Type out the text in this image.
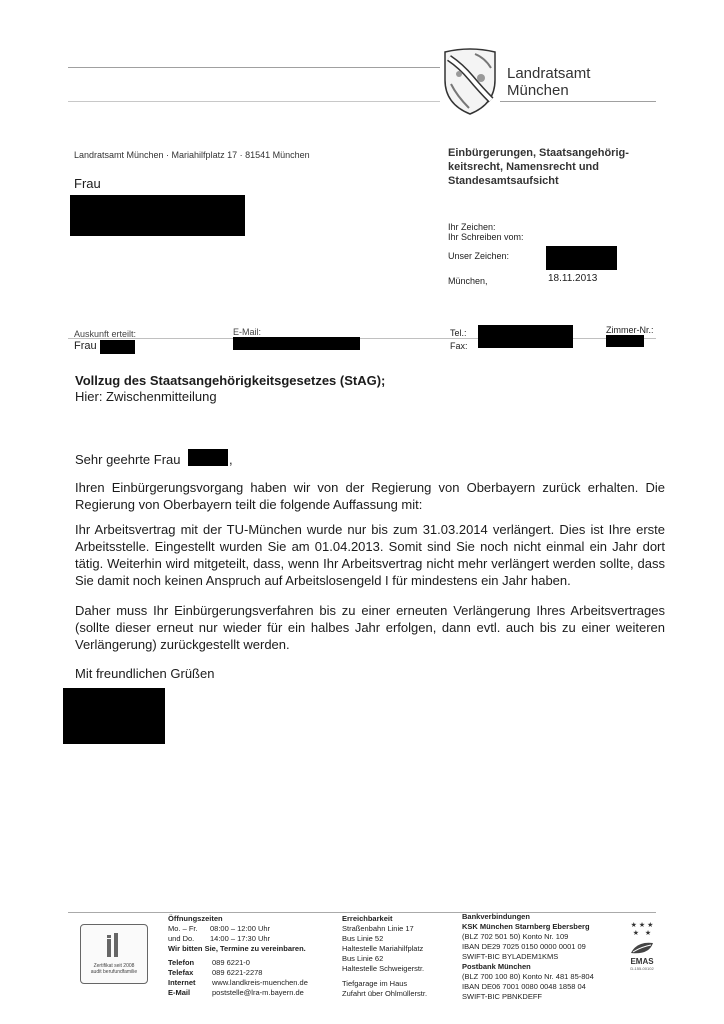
Landratsamt
München
Landratsamt München · Mariahilfplatz 17 · 81541 München	Einbürgerungen, Staatsangehörig-
keitsrecht, Namensrecht und
Standesamtsaufsicht
Frau
Ihr Zeichen:
Ihr Schreiben vom:
Unser Zeichen:
München,	18.11.2013
Auskunft erteilt:
Frau
E-Mail:	Tel.:
Fax:
Zimmer-Nr.:
Vollzug des Staatsangehörigkeitsgesetzes (StAG);
Hier: Zwischenmitteilung
Sehr geehrte Frau	,
Ihren Einbürgerungsvorgang haben wir von der Regierung von Oberbayern zurück erhalten. Die Regierung von Oberbayern teilt die folgende Auffassung mit:
Ihr Arbeitsvertrag mit der TU-München wurde nur bis zum 31.03.2014 verlängert. Dies ist Ihre erste Arbeitsstelle. Eingestellt wurden Sie am 01.04.2013. Somit sind Sie noch nicht einmal ein Jahr dort tätig. Weiterhin wird mitgeteilt, dass, wenn Ihr Arbeitsvertrag nicht mehr verlängert werden sollte, dass Sie damit noch keinen Anspruch auf Arbeitslosengeld I für mindestens ein Jahr haben.
Daher muss Ihr Einbürgerungsverfahren bis zu einer erneuten Verlängerung Ihres Arbeitsvertrages (sollte dieser erneut nur wieder für ein halbes Jahr erfolgen, dann evtl. auch bis zu einer weiteren Verlängerung) zurückgestellt werden.
Mit freundlichen Grüßen
Zertifikat seit 2008
audit berufundfamilie
Öffnungszeiten
Mo. – Fr. 08:00 – 12:00 Uhr
und Do. 14:00 – 17:30 Uhr
Wir bitten Sie, Termine zu vereinbaren.
Telefon 089 6221-0
Telefax 089 6221-2278
Internet www.landkreis-muenchen.de
E-Mail	poststelle@lra-m.bayern.de
Erreichbarkeit
Straßenbahn Linie 17
Bus Linie 52
Haltestelle Mariahilfplatz
Bus Linie 62
Haltestelle Schweigerstr.
Tiefgarage im Haus
Zufahrt über Ohlmüllerstr.
Bankverbindungen
KSK München Starnberg Ebersberg
(BLZ 702 501 50) Konto Nr. 109
IBAN DE29 7025 0150 0000 0001 09
SWIFT-BIC BYLADEM1KMS
Postbank München
(BLZ 700 100 80) Konto Nr. 481 85-804
IBAN DE06 7001 0080 0048 1858 04
SWIFT-BIC PBNKDEFF
★ ★ ★
★   ★
EMAS
D-155-00102
